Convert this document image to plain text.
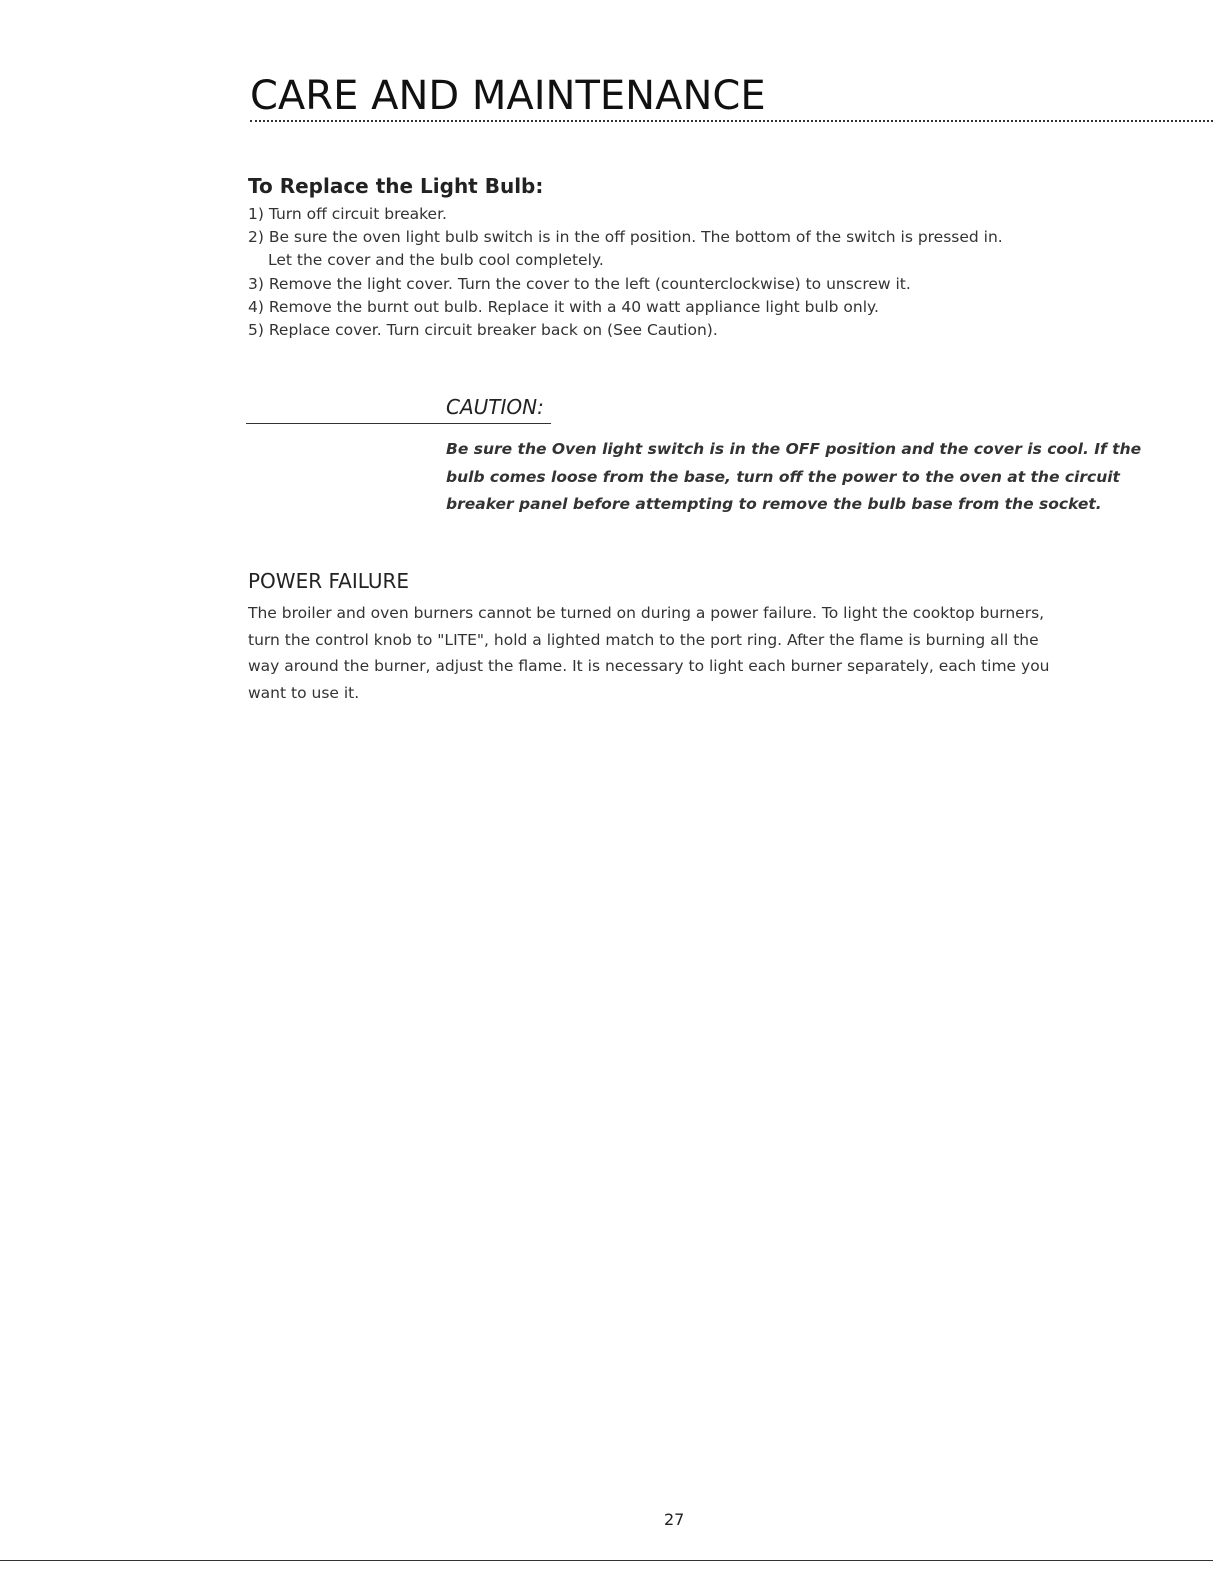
CARE AND MAINTENANCE
To Replace the Light Bulb:
1) Turn off circuit breaker.
2) Be sure the oven light bulb switch is in the off position. The bottom of the switch is pressed in.
Let the cover and the bulb cool completely.
3) Remove the light cover. Turn the cover to the left (counterclockwise) to unscrew it.
4) Remove the burnt out bulb. Replace it with a 40 watt appliance light bulb only.
5) Replace cover. Turn circuit breaker back on (See Caution).
CAUTION:

Be sure the Oven light switch is in the OFF position and the cover is cool. If the
bulb comes loose from the base, turn off the power to the oven at the circuit
breaker panel before attempting to remove the bulb base from the socket.

POWER FAILURE

The broiler and oven burners cannot be turned on during a power failure. To light the cooktop burners,
turn the control knob to "LITE", hold a lighted match to the port ring. After the flame is burning all the
way around the burner, adjust the flame. It is necessary to light each burner separately, each time you
want to use it.

27
